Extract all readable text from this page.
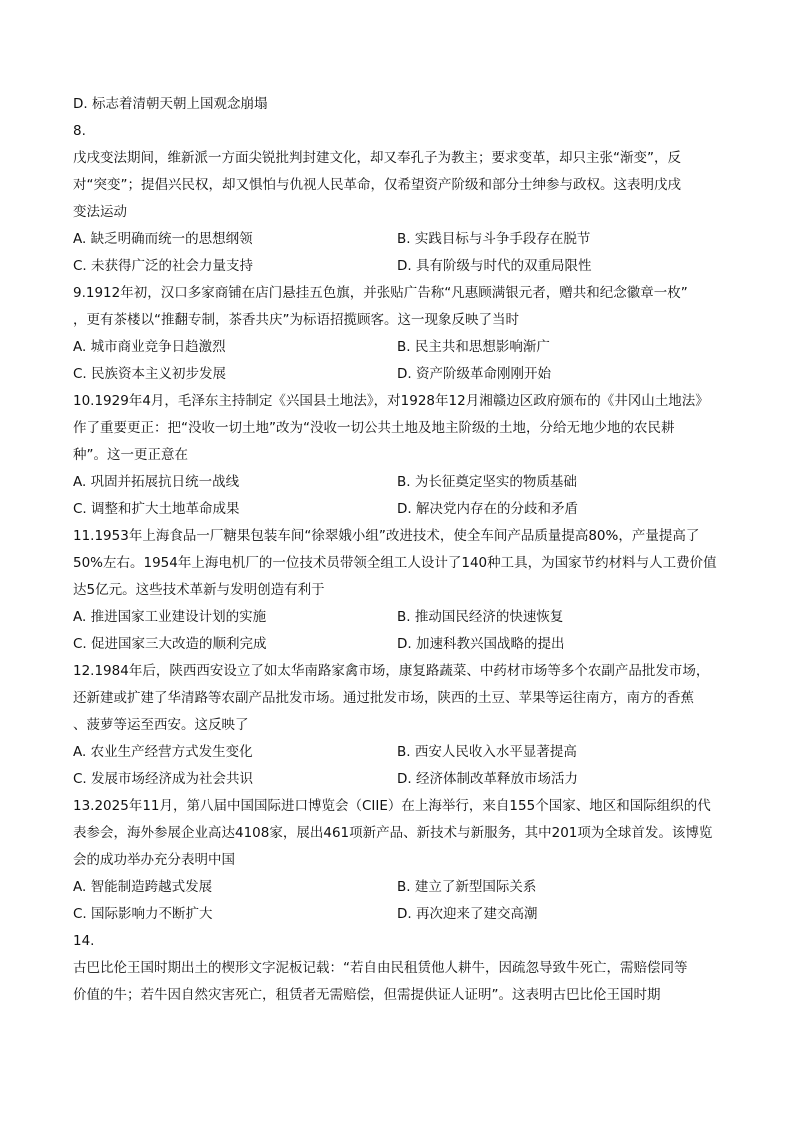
D. 标志着清朝天朝上国观念崩塌
8.
戊戌变法期间，维新派一方面尖锐批判封建文化，却又奉孔子为教主；要求变革，却只主张“渐变”，反
对“突变”；提倡兴民权，却又惧怕与仇视人民革命，仅希望资产阶级和部分士绅参与政权。这表明戊戌
变法运动
A. 缺乏明确而统一的思想纲领	B. 实践目标与斗争手段存在脱节
C. 未获得广泛的社会力量支持	D. 具有阶级与时代的双重局限性
9.1912年初，汉口多家商铺在店门悬挂五色旗，并张贴广告称“凡惠顾满银元者，赠共和纪念徽章一枚”
，更有茶楼以“推翻专制，茶香共庆”为标语招揽顾客。这一现象反映了当时
A. 城市商业竞争日趋激烈	B. 民主共和思想影响渐广
C. 民族资本主义初步发展	D. 资产阶级革命刚刚开始
10.1929年4月，毛泽东主持制定《兴国县土地法》，对1928年12月湘赣边区政府颁布的《井冈山土地法》
作了重要更正：把“没收一切土地”改为“没收一切公共土地及地主阶级的土地，分给无地少地的农民耕
种”。这一更正意在
A. 巩固并拓展抗日统一战线	B. 为长征奠定坚实的物质基础
C. 调整和扩大土地革命成果	D. 解决党内存在的分歧和矛盾
11.1953年上海食品一厂糖果包装车间“徐翠娥小组”改进技术，使全车间产品质量提高80%，产量提高了
50%左右。1954年上海电机厂的一位技术员带领全组工人设计了140种工具，为国家节约材料与人工费价值
达5亿元。这些技术革新与发明创造有利于
A. 推进国家工业建设计划的实施	B. 推动国民经济的快速恢复
C. 促进国家三大改造的顺利完成	D. 加速科教兴国战略的提出
12.1984年后，陕西西安设立了如太华南路家禽市场，康复路蔬菜、中药材市场等多个农副产品批发市场，
还新建或扩建了华清路等农副产品批发市场。通过批发市场，陕西的土豆、苹果等运往南方，南方的香蕉
、菠萝等运至西安。这反映了
A. 农业生产经营方式发生变化	B. 西安人民收入水平显著提高
C. 发展市场经济成为社会共识	D. 经济体制改革释放市场活力
13.2025年11月，第八届中国国际进口博览会（CIIE）在上海举行，来自155个国家、地区和国际组织的代
表参会，海外参展企业高达4108家，展出461项新产品、新技术与新服务，其中201项为全球首发。该博览
会的成功举办充分表明中国
A. 智能制造跨越式发展	B. 建立了新型国际关系
C. 国际影响力不断扩大	D. 再次迎来了建交高潮
14.
古巴比伦王国时期出土的楔形文字泥板记载：“若自由民租赁他人耕牛，因疏忽导致牛死亡，需赔偿同等
价值的牛；若牛因自然灾害死亡，租赁者无需赔偿，但需提供证人证明”。这表明古巴比伦王国时期
